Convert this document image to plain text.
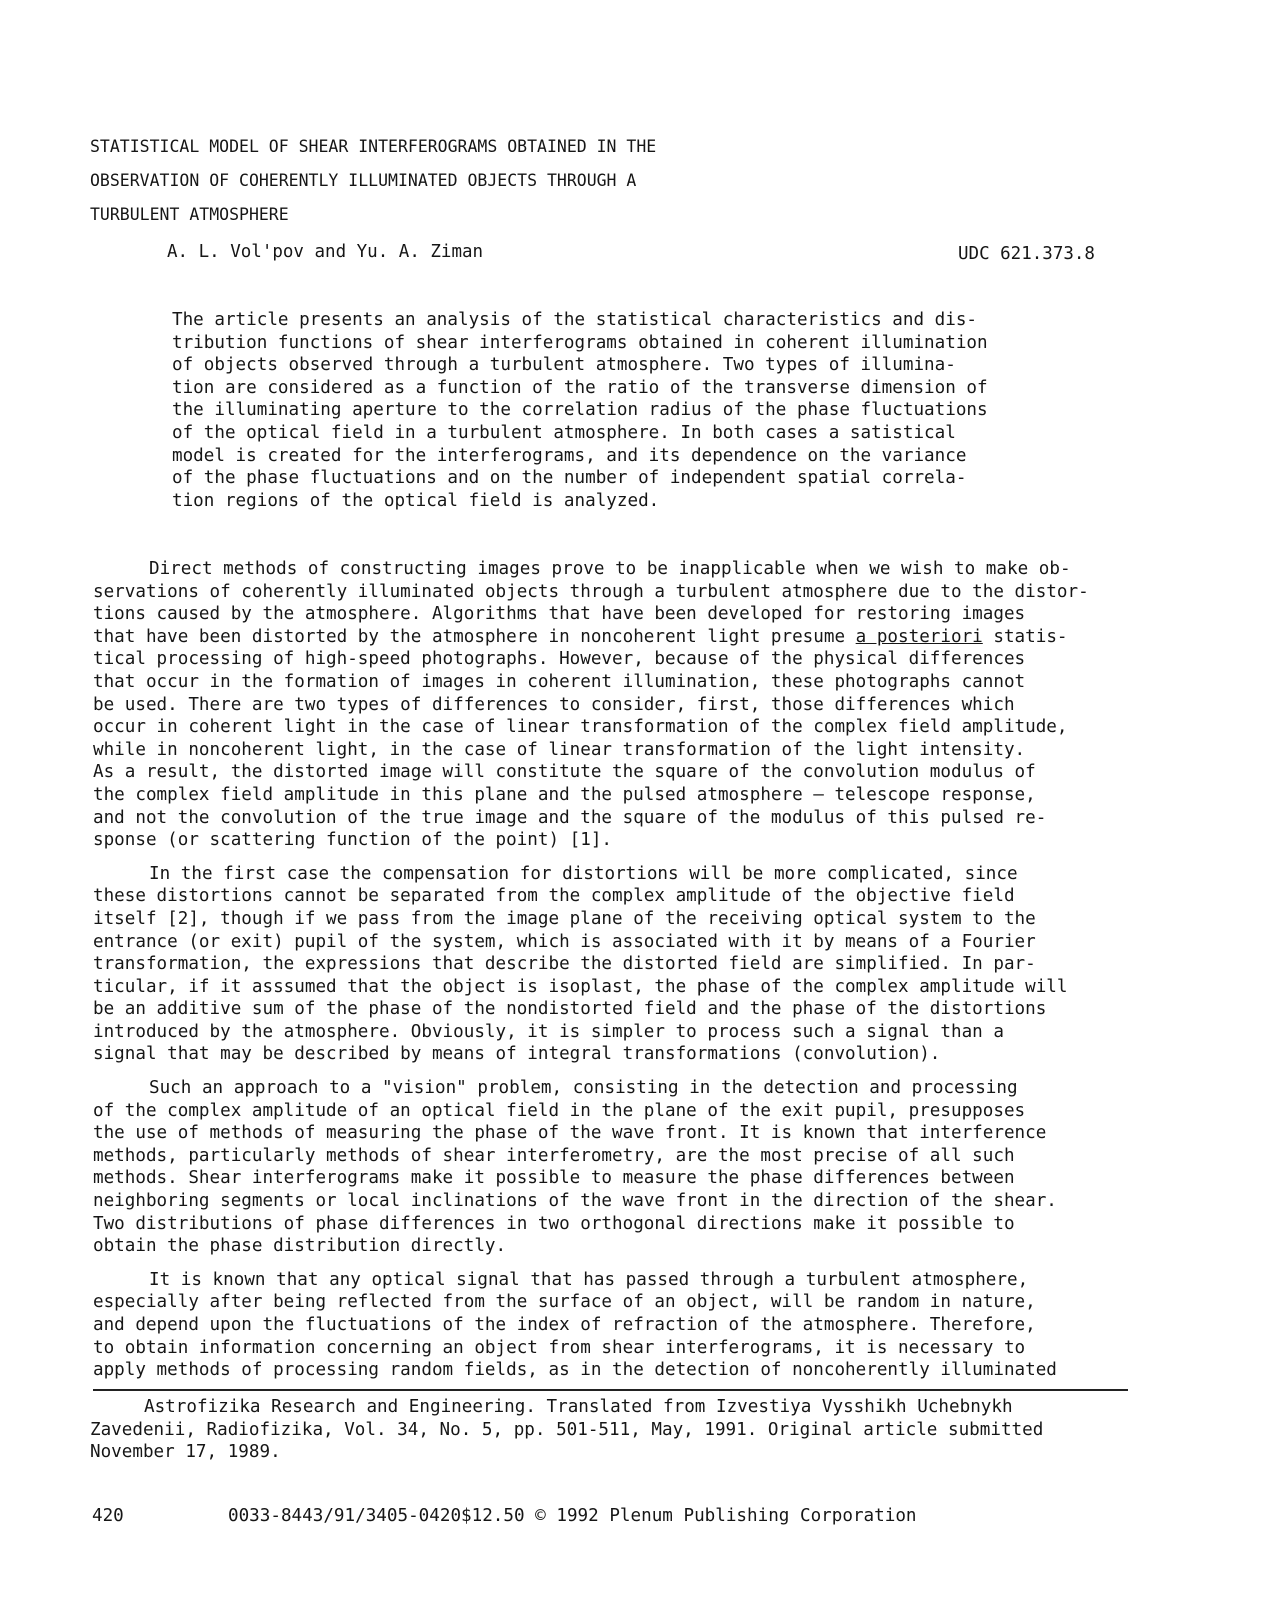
STATISTICAL MODEL OF SHEAR INTERFEROGRAMS OBTAINED IN THE
OBSERVATION OF COHERENTLY ILLUMINATED OBJECTS THROUGH A
TURBULENT ATMOSPHERE
A. L. Vol'pov and Yu. A. Ziman	UDC 621.373.8
The article presents an analysis of the statistical characteristics and dis-
tribution functions of shear interferograms obtained in coherent illumination
of objects observed through a turbulent atmosphere. Two types of illumina-
tion are considered as a function of the ratio of the transverse dimension of
the illuminating aperture to the correlation radius of the phase fluctuations
of the optical field in a turbulent atmosphere. In both cases a satistical
model is created for the interferograms, and its dependence on the variance
of the phase fluctuations and on the number of independent spatial correla-
tion regions of the optical field is analyzed.
Direct methods of constructing images prove to be inapplicable when we wish to make ob-
servations of coherently illuminated objects through a turbulent atmosphere due to the distor-
tions caused by the atmosphere. Algorithms that have been developed for restoring images
that have been distorted by the atmosphere in noncoherent light presume a posteriori statis-
tical processing of high-speed photographs. However, because of the physical differences
that occur in the formation of images in coherent illumination, these photographs cannot
be used. There are two types of differences to consider, first, those differences which
occur in coherent light in the case of linear transformation of the complex field amplitude,
while in noncoherent light, in the case of linear transformation of the light intensity.
As a result, the distorted image will constitute the square of the convolution modulus of
the complex field amplitude in this plane and the pulsed atmosphere — telescope response,
and not the convolution of the true image and the square of the modulus of this pulsed re-
sponse (or scattering function of the point) [1].
In the first case the compensation for distortions will be more complicated, since
these distortions cannot be separated from the complex amplitude of the objective field
itself [2], though if we pass from the image plane of the receiving optical system to the
entrance (or exit) pupil of the system, which is associated with it by means of a Fourier
transformation, the expressions that describe the distorted field are simplified. In par-
ticular, if it asssumed that the object is isoplast, the phase of the complex amplitude will
be an additive sum of the phase of the nondistorted field and the phase of the distortions
introduced by the atmosphere. Obviously, it is simpler to process such a signal than a
signal that may be described by means of integral transformations (convolution).
Such an approach to a "vision" problem, consisting in the detection and processing
of the complex amplitude of an optical field in the plane of the exit pupil, presupposes
the use of methods of measuring the phase of the wave front. It is known that interference
methods, particularly methods of shear interferometry, are the most precise of all such
methods. Shear interferograms make it possible to measure the phase differences between
neighboring segments or local inclinations of the wave front in the direction of the shear.
Two distributions of phase differences in two orthogonal directions make it possible to
obtain the phase distribution directly.
It is known that any optical signal that has passed through a turbulent atmosphere,
especially after being reflected from the surface of an object, will be random in nature,
and depend upon the fluctuations of the index of refraction of the atmosphere. Therefore,
to obtain information concerning an object from shear interferograms, it is necessary to
apply methods of processing random fields, as in the detection of noncoherently illuminated
Astrofizika Research and Engineering. Translated from Izvestiya Vysshikh Uchebnykh
Zavedenii, Radiofizika, Vol. 34, No. 5, pp. 501-511, May, 1991. Original article submitted
November 17, 1989.
420	0033-8443/91/3405-0420$12.50 © 1992 Plenum Publishing Corporation
